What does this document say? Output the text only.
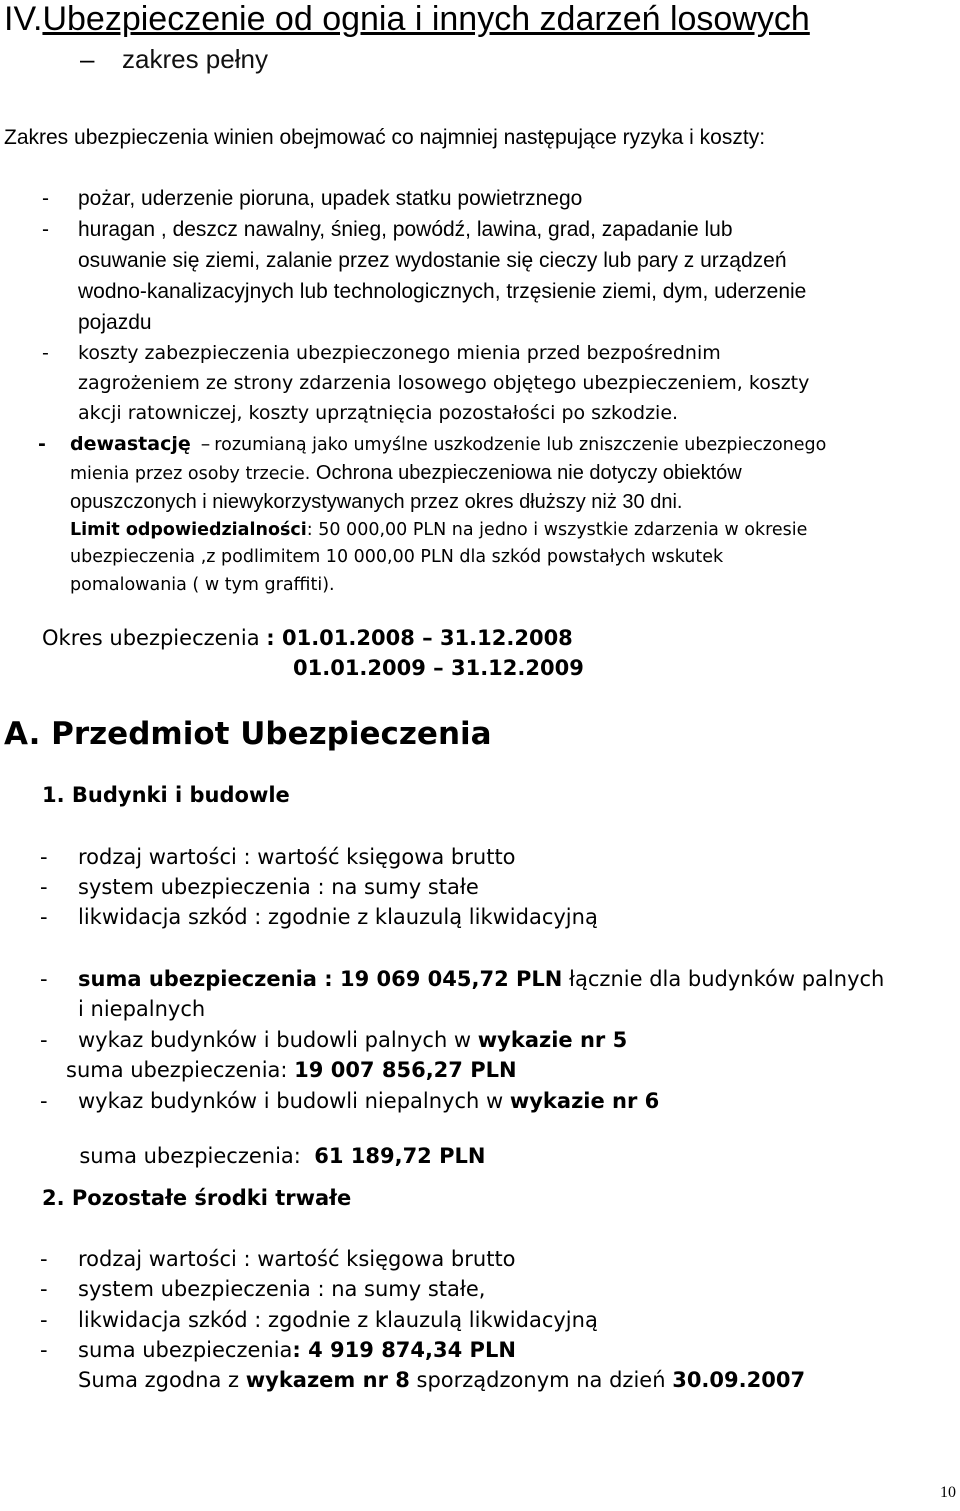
IV.Ubezpieczenie od ognia i innych zdarzeń losowych
– zakres pełny
Zakres ubezpieczenia winien obejmować co najmniej następujące ryzyka i koszty:
- pożar, uderzenie pioruna, upadek statku powietrznego
- huragan , deszcz nawalny, śnieg, powódź, lawina, grad, zapadanie lub
osuwanie się ziemi, zalanie przez wydostanie się cieczy lub pary z urządzeń
wodno-kanalizacyjnych lub technologicznych, trzęsienie ziemi, dym, uderzenie
pojazdu
- koszty zabezpieczenia ubezpieczonego mienia przed bezpośrednim
zagrożeniem ze strony zdarzenia losowego objętego ubezpieczeniem, koszty
akcji ratowniczej, koszty uprzątnięcia pozostałości po szkodzie.
- dewastację – rozumianą jako umyślne uszkodzenie lub zniszczenie ubezpieczonego
mienia przez osoby trzecie. Ochrona ubezpieczeniowa nie dotyczy obiektów
opuszczonych i niewykorzystywanych przez okres dłuższy niż 30 dni.
Limit odpowiedzialności: 50 000,00 PLN na jedno i wszystkie zdarzenia w okresie
ubezpieczenia ,z podlimitem 10 000,00 PLN dla szkód powstałych wskutek
pomalowania ( w tym graffiti).
Okres ubezpieczenia : 01.01.2008 – 31.12.2008
01.01.2009 – 31.12.2009
A. Przedmiot Ubezpieczenia
1. Budynki i budowle
- rodzaj wartości : wartość księgowa brutto
- system ubezpieczenia : na sumy stałe
- likwidacja szkód : zgodnie z klauzulą likwidacyjną
- suma ubezpieczenia : 19 069 045,72 PLN łącznie dla budynków palnych
i niepalnych
- wykaz budynków i budowli palnych w wykazie nr 5
suma ubezpieczenia: 19 007 856,27 PLN
- wykaz budynków i budowli niepalnych w wykazie nr 6

suma ubezpieczenia:  61 189,72 PLN

2. Pozostałe środki trwałe
- rodzaj wartości : wartość księgowa brutto
- system ubezpieczenia : na sumy stałe,
- likwidacja szkód : zgodnie z klauzulą likwidacyjną
- suma ubezpieczenia: 4 919 874,34 PLN
Suma zgodna z wykazem nr 8 sporządzonym na dzień 30.09.2007
10
